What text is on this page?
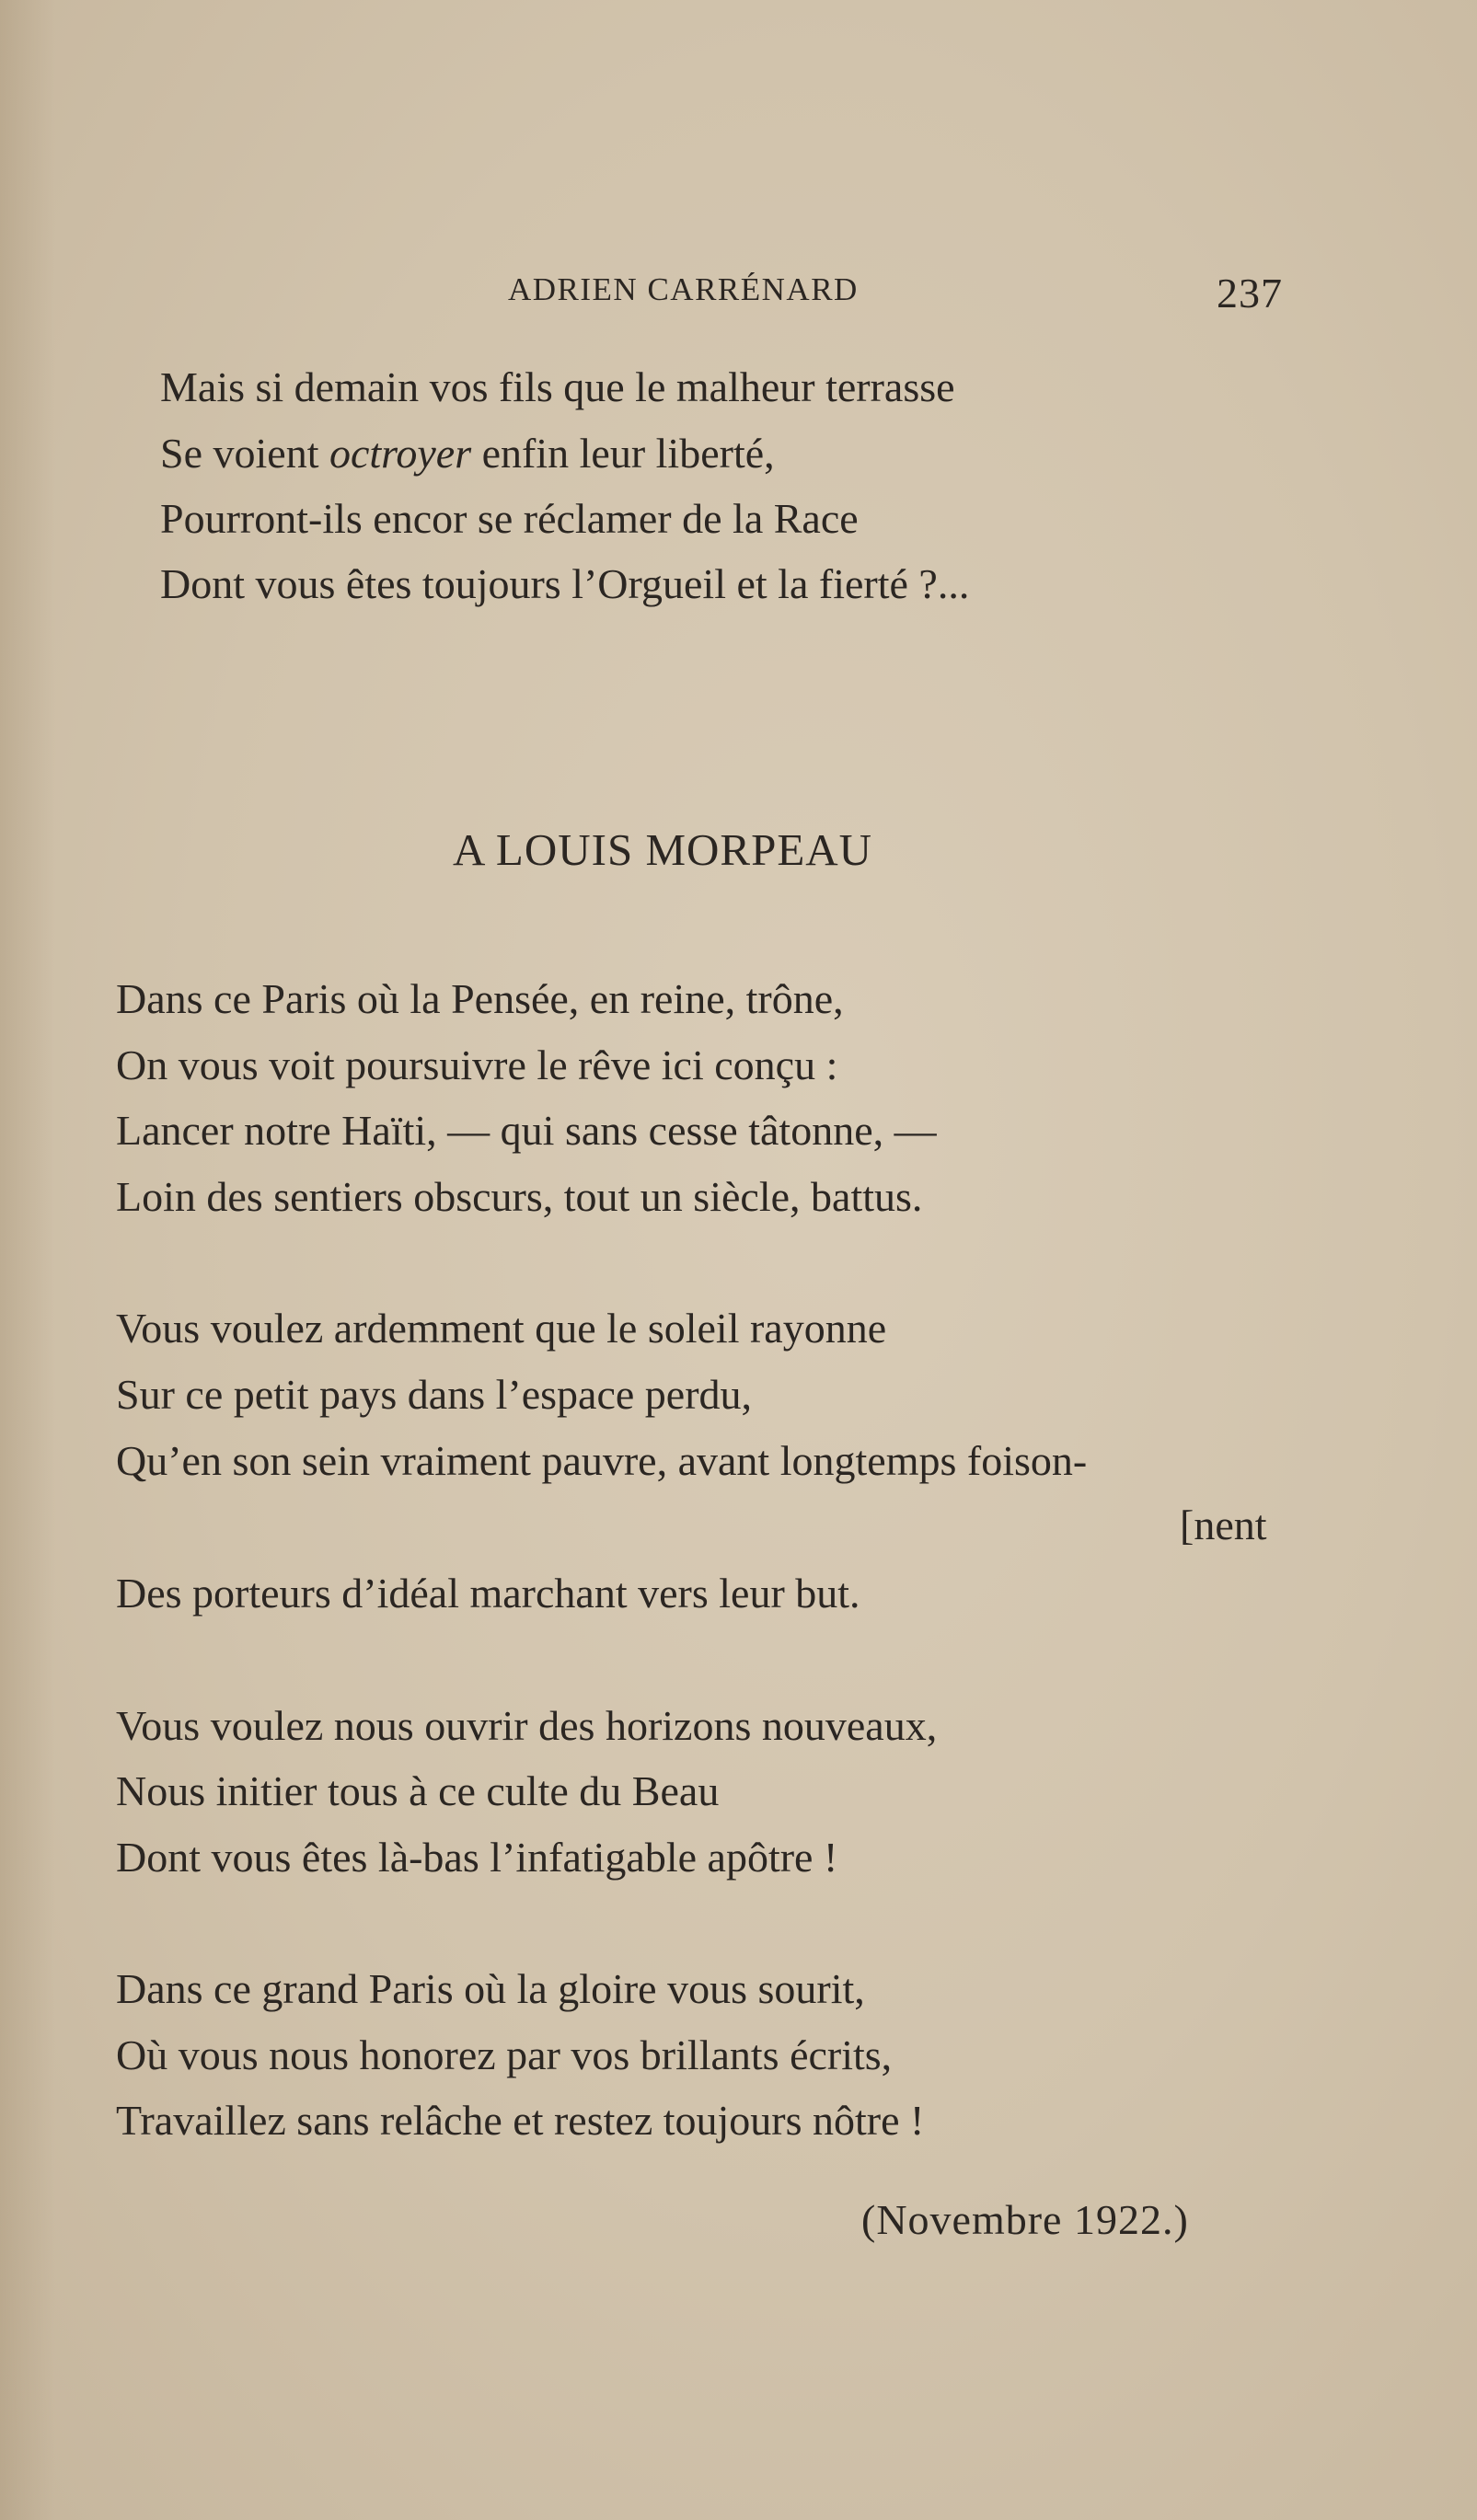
ADRIEN CARRÉNARD	237
Mais si demain vos fils que le malheur terrasse
Se voient octroyer enfin leur liberté,
Pourront-ils encor se réclamer de la Race
Dont vous êtes toujours l’Orgueil et la fierté ?...
A LOUIS MORPEAU
Dans ce Paris où la Pensée, en reine, trône,
On vous voit poursuivre le rêve ici conçu :
Lancer notre Haïti, — qui sans cesse tâtonne, —
Loin des sentiers obscurs, tout un siècle, battus.
Vous voulez ardemment que le soleil rayonne
Sur ce petit pays dans l’espace perdu,
Qu’en son sein vraiment pauvre, avant longtemps foison-
[nent
Des porteurs d’idéal marchant vers leur but.
Vous voulez nous ouvrir des horizons nouveaux,
Nous initier tous à ce culte du Beau
Dont vous êtes là-bas l’infatigable apôtre !
Dans ce grand Paris où la gloire vous sourit,
Où vous nous honorez par vos brillants écrits,
Travaillez sans relâche et restez toujours nôtre !
(Novembre 1922.)
